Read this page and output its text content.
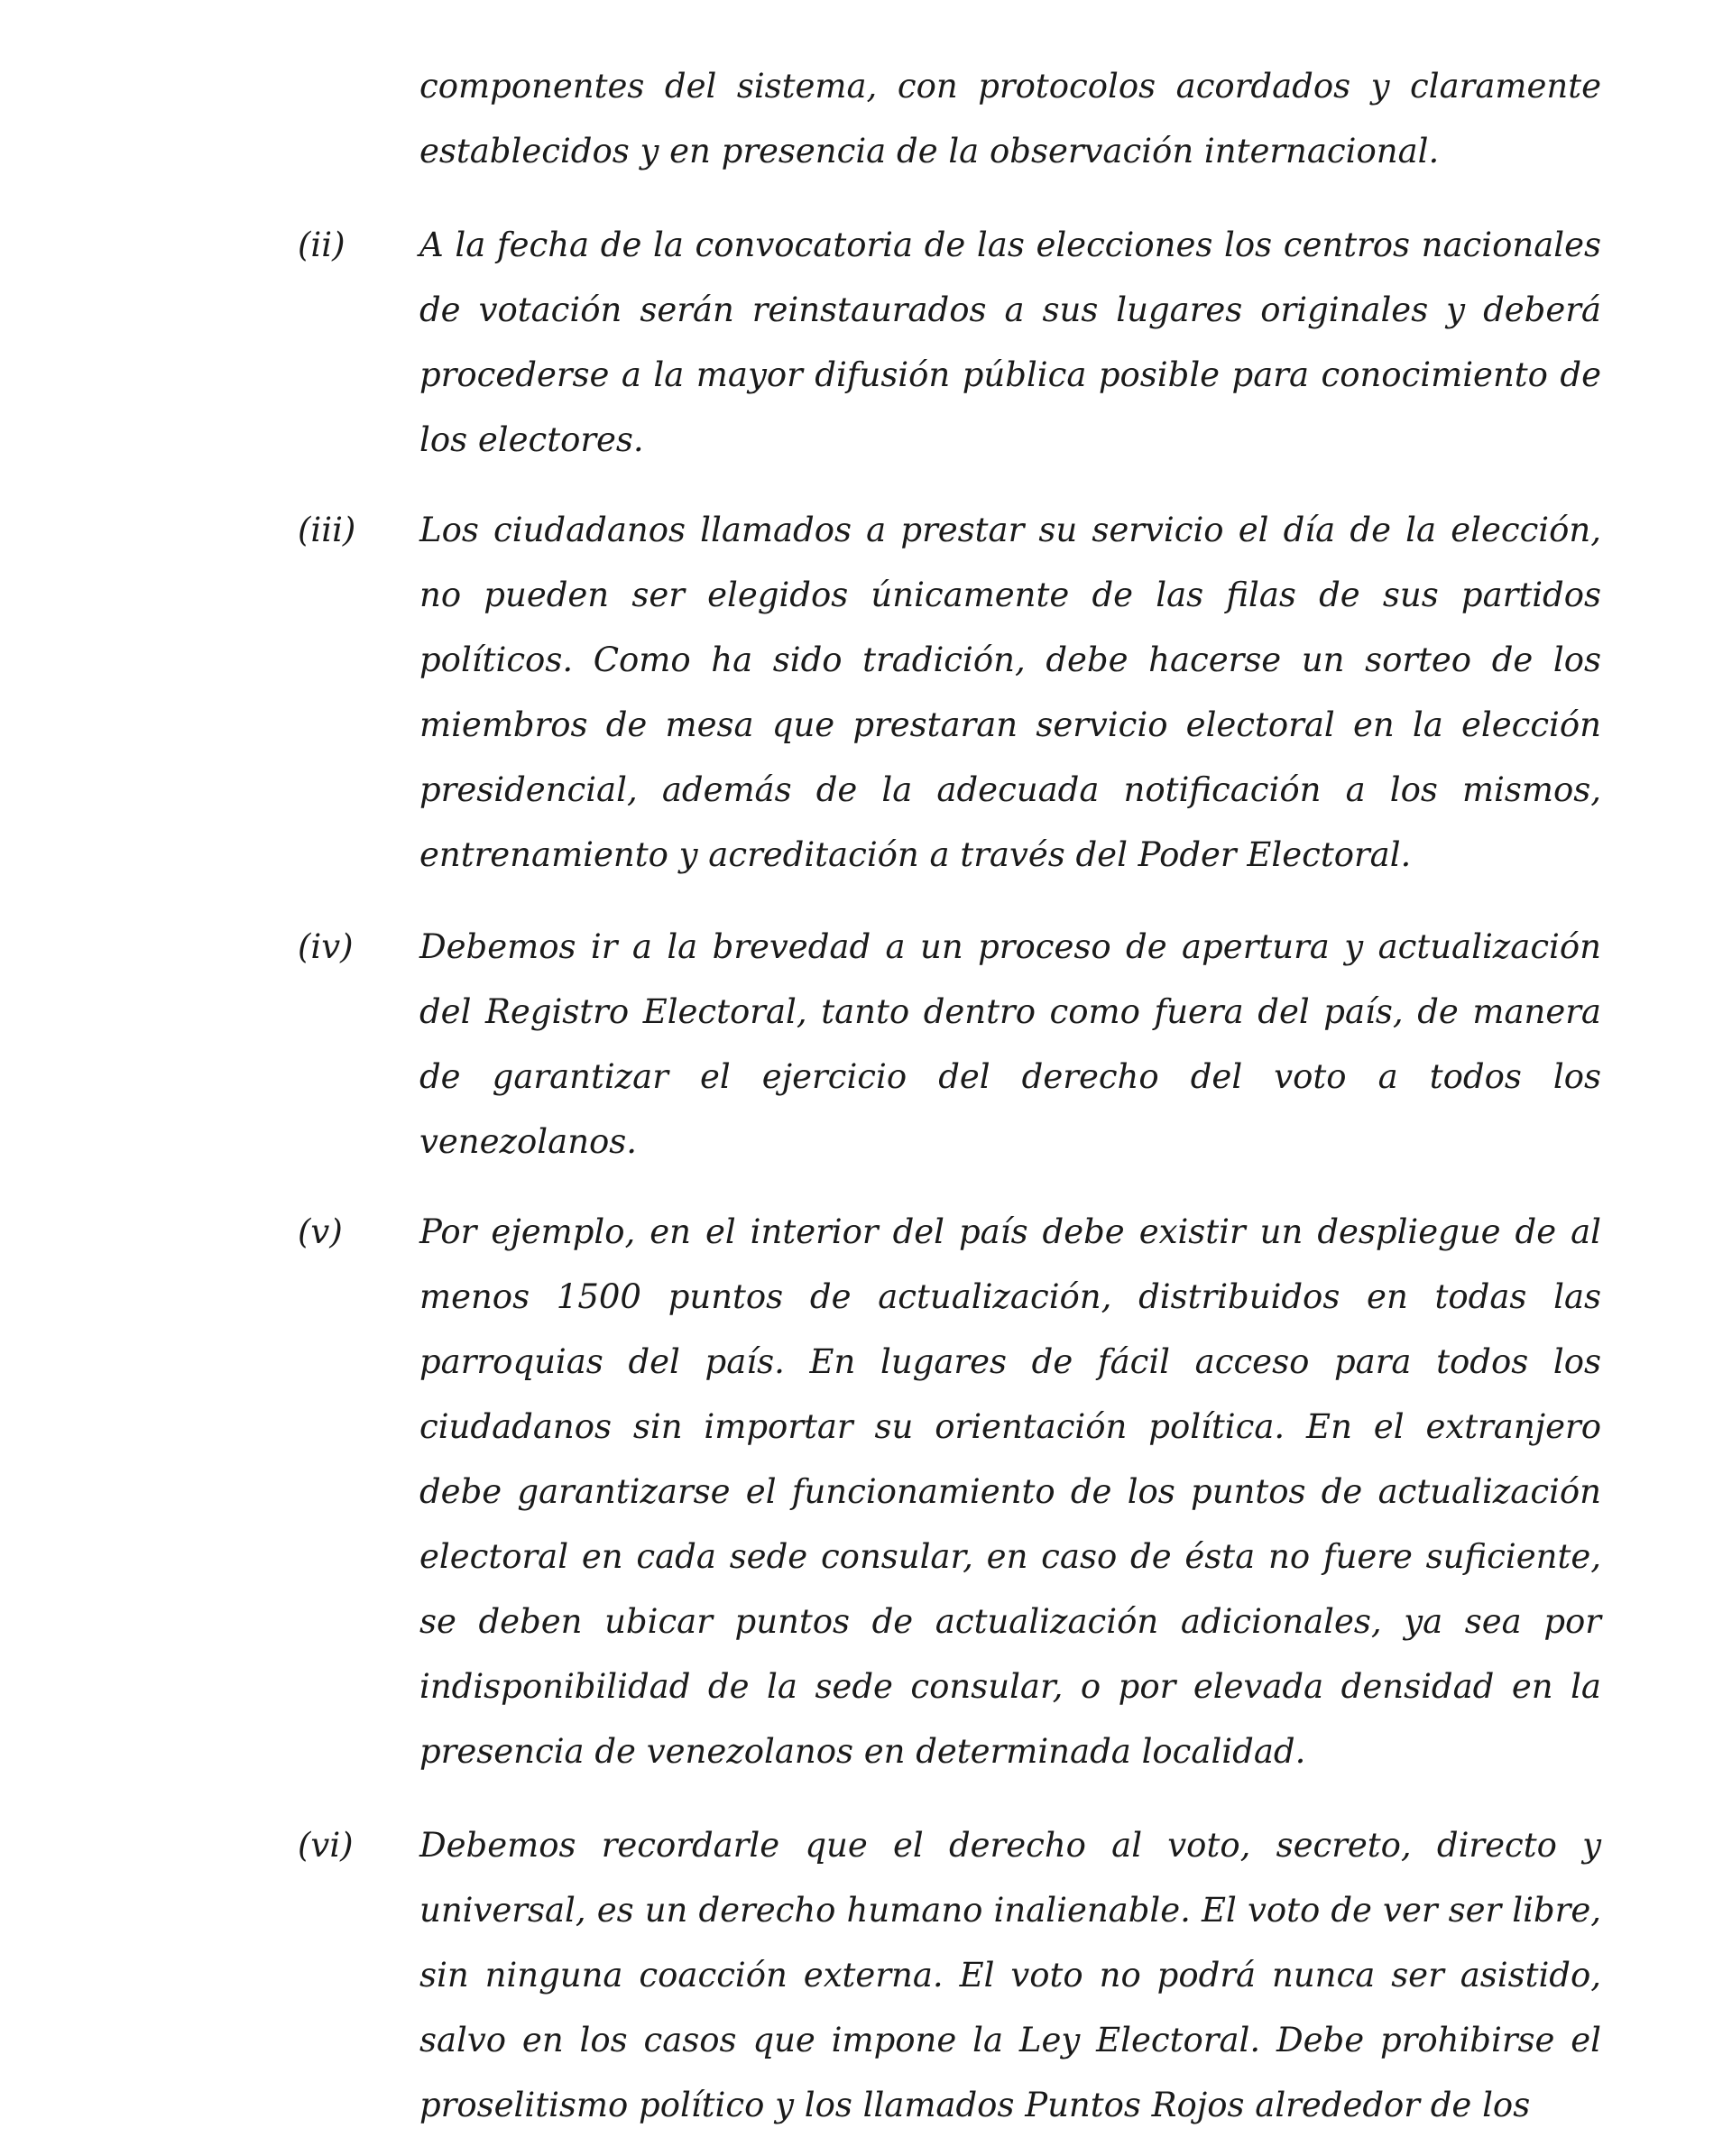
componentes del sistema, con protocolos acordados y claramente establecidos y en presencia de la observación internacional.

(ii) A la fecha de la convocatoria de las elecciones los centros nacionales de votación serán reinstaurados a sus lugares originales y deberá procederse a la mayor difusión pública posible para conocimiento de los electores.

(iii) Los ciudadanos llamados a prestar su servicio el día de la elección, no pueden ser elegidos únicamente de las filas de sus partidos políticos. Como ha sido tradición, debe hacerse un sorteo de los miembros de mesa que prestaran servicio electoral en la elección presidencial, además de la adecuada notificación a los mismos, entrenamiento y acreditación a través del Poder Electoral.

(iv) Debemos ir a la brevedad a un proceso de apertura y actualización del Registro Electoral, tanto dentro como fuera del país, de manera de garantizar el ejercicio del derecho del voto a todos los venezolanos.

(v) Por ejemplo, en el interior del país debe existir un despliegue de al menos 1500 puntos de actualización, distribuidos en todas las parroquias del país. En lugares de fácil acceso para todos los ciudadanos sin importar su orientación política. En el extranjero debe garantizarse el funcionamiento de los puntos de actualización electoral en cada sede consular, en caso de ésta no fuere suficiente, se deben ubicar puntos de actualización adicionales, ya sea por indisponibilidad de la sede consular, o por elevada densidad en la presencia de venezolanos en determinada localidad.

(vi) Debemos recordarle que el derecho al voto, secreto, directo y universal, es un derecho humano inalienable. El voto de ver ser libre, sin ninguna coacción externa. El voto no podrá nunca ser asistido, salvo en los casos que impone la Ley Electoral. Debe prohibirse el proselitismo político y los llamados Puntos Rojos alrededor de los
